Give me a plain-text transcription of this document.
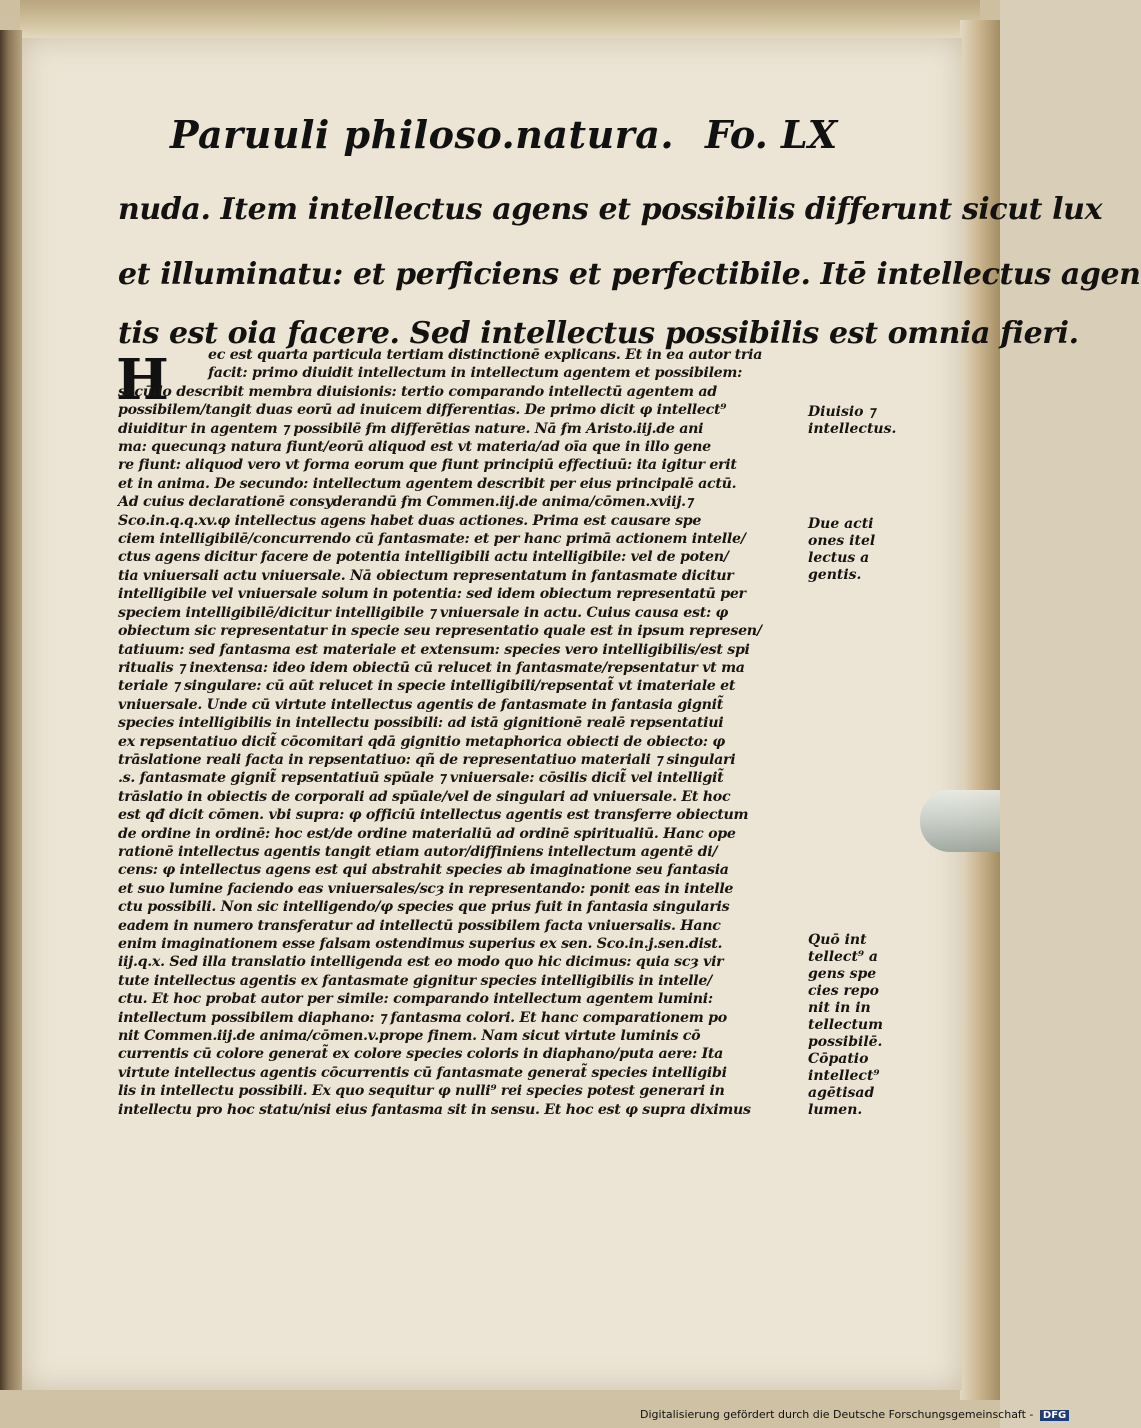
Paruuli philoso.natura. Fo. LX
nuda. Item intellectus agens et possibilis differunt sicut lux
et illuminatu: et perficiens et perfectibile. Itē intellectus agen
tis est oia facere. Sed intellectus possibilis est omnia fieri.
H	ec est quarta particula tertiam distinctionē explicans. Et in ea autor tria
facit: primo diuidit intellectum in intellectum agentem et possibilem:
secūdo describit membra diuisionis: tertio comparando intellectū agentem ad
possibilem/tangit duas eorū ad inuicem differentias. De primo dicit φ intellect⁹
diuiditur in agentem ⁊ possibilē ẜm differētias nature. Nā ẜm Aristo.iij.de ani
ma: quecunqȝ natura fiunt/eorū aliquod est vt materia/ad oīa que in illo gene
re fiunt: aliquod vero vt forma eorum que fiunt principiū effectiuū: ita igitur erit
et in anima. De secundo: intellectum agentem describit per eius principalē actū.
Ad cuius declarationē consyderandū ẜm Commen.iij.de anima/cōmen.xviij.⁊
Sco.in.q.q.xv.φ intellectus agens habet duas actiones. Prima est causare spe
ciem intelligibilē/concurrendo cū fantasmate: et per hanc primā actionem intelle/
ctus agens dicitur facere de potentia intelligibili actu intelligibile: vel de poten/
tia vniuersali actu vniuersale. Nā obiectum representatum in fantasmate dicitur
intelligibile vel vniuersale solum in potentia: sed idem obiectum representatū per
speciem intelligibilē/dicitur intelligibile ⁊ vniuersale in actu. Cuius causa est: φ
obiectum sic representatur in specie seu representatio quale est in ipsum represen/
tatiuum: sed fantasma est materiale et extensum: species vero intelligibilis/est spi
ritualis ⁊ inextensa: ideo idem obiectū cū relucet in fantasmate/repsentatur vt ma
teriale ⁊ singulare: cū aūt relucet in specie intelligibili/repsentat̃ vt imateriale et
vniuersale. Unde cū virtute intellectus agentis de fantasmate in fantasia gignit̃
species intelligibilis in intellectu possibili: ad istā gignitionē realē repsentatiui
ex repsentatiuo dicit̃ cōcomitari qdā gignitio metaphorica obiecti de obiecto: φ
trāslatione reali facta in repsentatiuo: qñ de representatiuo materiali ⁊ singulari
.s. fantasmate gignit̃ repsentatiuū spūale ⁊ vniuersale: cōsilis dicit̃ vel intelligit̃
trāslatio in obiectis de corporali ad spūale/vel de singulari ad vniuersale. Et hoc
est qđ dicit cōmen. vbi supra: φ officiū intellectus agentis est transferre obiectum
de ordine in ordinē: hoc est/de ordine materialiū ad ordinē spiritualiū. Hanc ope
rationē intellectus agentis tangit etiam autor/diffiniens intellectum agentē di/
cens: φ intellectus agens est qui abstrahit species ab imaginatione seu fantasia
et suo lumine faciendo eas vniuersales/scȝ in representando: ponit eas in intelle
ctu possibili. Non sic intelligendo/φ species que prius fuit in fantasia singularis
eadem in numero transferatur ad intellectū possibilem facta vniuersalis. Hanc
enim imaginationem esse falsam ostendimus superius ex sen. Sco.in.j.sen.dist.
iij.q.x. Sed illa translatio intelligenda est eo modo quo hic dicimus: quia scȝ vir
tute intellectus agentis ex fantasmate gignitur species intelligibilis in intelle/
ctu. Et hoc probat autor per simile: comparando intellectum agentem lumini:
intellectum possibilem diaphano: ⁊ fantasma colori. Et hanc comparationem po
nit Commen.iij.de anima/cōmen.v.prope finem. Nam sicut virtute luminis cō
currentis cū colore generat̃ ex colore species coloris in diaphano/puta aere: Ita
virtute intellectus agentis cōcurrentis cū fantasmate generat̃ species intelligibi
lis in intellectu possibili. Ex quo sequitur φ nulli⁹ rei species potest generari in
intellectu pro hoc statu/nisi eius fantasma sit in sensu. Et hoc est φ supra diximus
Diuisio ⁊
intellectus.
Due acti
ones itel
lectus a
gentis.
Quō int
tellect⁹ a
gens spe
cies repo
nit in in
tellectum
possibilē.
Cōpatio
intellect⁹
agētisad
lumen.
Digitalisierung gefördert durch die Deutsche Forschungsgemeinschaft - DFG
